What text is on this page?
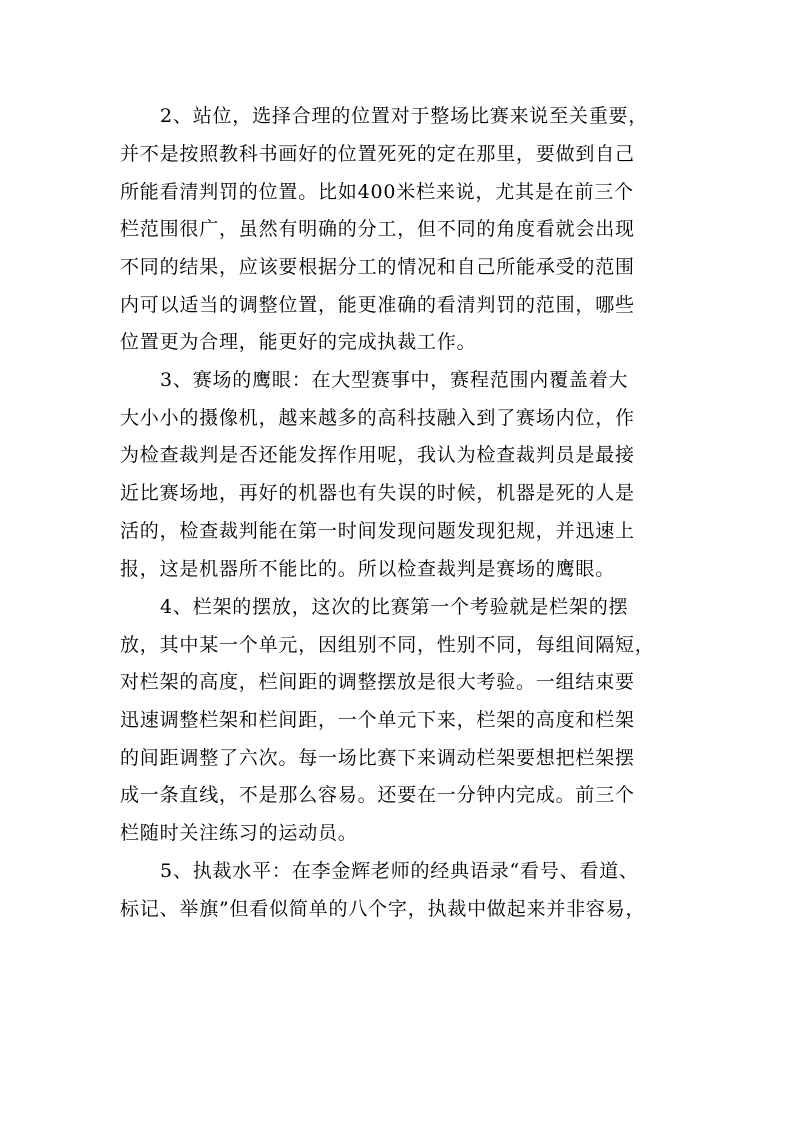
2、站位，选择合理的位置对于整场比赛来说至关重要，
并不是按照教科书画好的位置死死的定在那里，要做到自己
所能看清判罚的位置。比如400米栏来说，尤其是在前三个
栏范围很广，虽然有明确的分工，但不同的角度看就会出现
不同的结果，应该要根据分工的情况和自己所能承受的范围
内可以适当的调整位置，能更准确的看清判罚的范围，哪些
位置更为合理，能更好的完成执裁工作。
3、赛场的鹰眼：在大型赛事中，赛程范围内覆盖着大
大小小的摄像机，越来越多的高科技融入到了赛场内位，作
为检查裁判是否还能发挥作用呢，我认为检查裁判员是最接
近比赛场地，再好的机器也有失误的时候，机器是死的人是
活的，检查裁判能在第一时间发现问题发现犯规，并迅速上
报，这是机器所不能比的。所以检查裁判是赛场的鹰眼。
4、栏架的摆放，这次的比赛第一个考验就是栏架的摆
放，其中某一个单元，因组别不同，性别不同，每组间隔短，
对栏架的高度，栏间距的调整摆放是很大考验。一组结束要
迅速调整栏架和栏间距，一个单元下来，栏架的高度和栏架
的间距调整了六次。每一场比赛下来调动栏架要想把栏架摆
成一条直线，不是那么容易。还要在一分钟内完成。前三个
栏随时关注练习的运动员。
5、执裁水平：在李金辉老师的经典语录“看号、看道、
标记、举旗”但看似简单的八个字，执裁中做起来并非容易，
